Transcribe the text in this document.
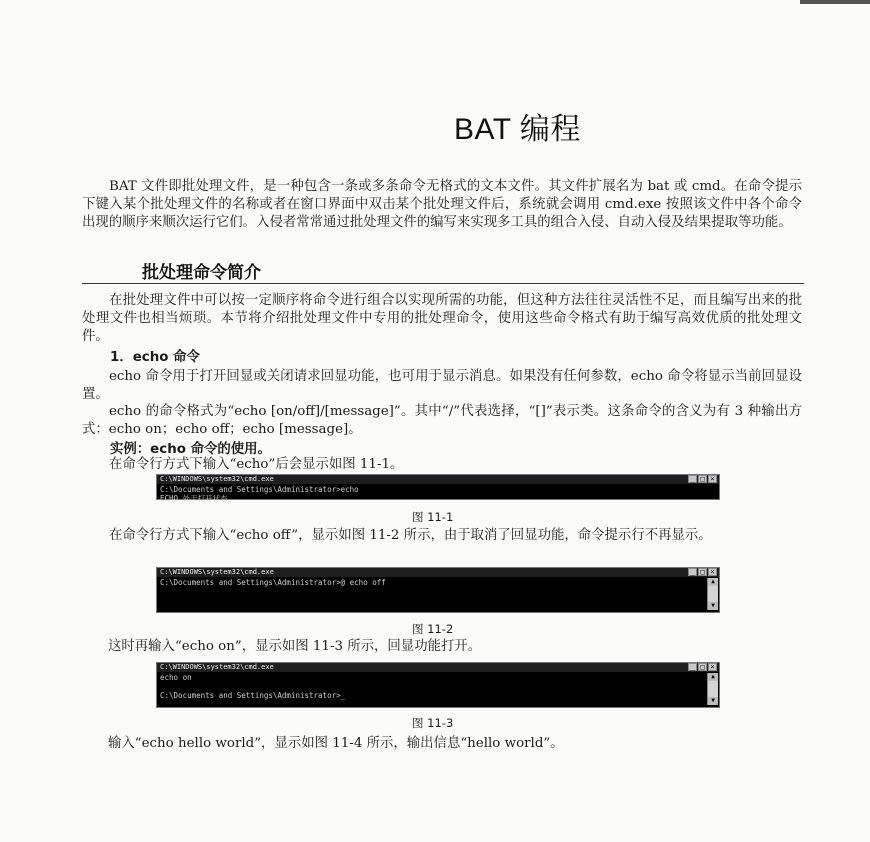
BAT 编程

BAT 文件即批处理文件，是一种包含一条或多条命令无格式的文本文件。其文件扩展名为 bat 或 cmd。在命令提示下键入某个批处理文件的名称或者在窗口界面中双击某个批处理文件后，系统就会调用 cmd.exe 按照该文件中各个命令出现的顺序来顺次运行它们。入侵者常常通过批处理文件的编写来实现多工具的组合入侵、自动入侵及结果提取等功能。

批处理命令简介

在批处理文件中可以按一定顺序将命令进行组合以实现所需的功能，但这种方法往往灵活性不足，而且编写出来的批处理文件也相当烦琐。本节将介绍批处理文件中专用的批处理命令，使用这些命令格式有助于编写高效优质的批处理文件。

1．echo 命令

echo 命令用于打开回显或关闭请求回显功能，也可用于显示消息。如果没有任何参数，echo 命令将显示当前回显设置。

echo 的命令格式为“echo [on/off]/[message]”。其中“/”代表选择，“[]”表示类。这条命令的含义为有 3 种输出方式：echo on；echo off；echo [message]。

实例：echo 命令的使用。

在命令行方式下输入“echo”后会显示如图 11-1。

C:\WINDOWS\system32\cmd.exe	_ □ ×
C:\Documents and Settings\Administrator>echo
ECHO 处于打开状态。

图 11-1

在命令行方式下输入“echo off”，显示如图 11-2 所示，由于取消了回显功能，命令提示行不再显示。

C:\WINDOWS\system32\cmd.exe	_ □ ×
C:\Documents and Settings\Administrator>@ echo off

	▲

▼

图 11-2

这时再输入“echo on”，显示如图 11-3 所示，回显功能打开。

C:\WINDOWS\system32\cmd.exe	_ □ ×
echo on

C:\Documents and Settings\Administrator>_

▲

▼

图 11-3

输入“echo hello world”，显示如图 11-4 所示，输出信息“hello world”。
